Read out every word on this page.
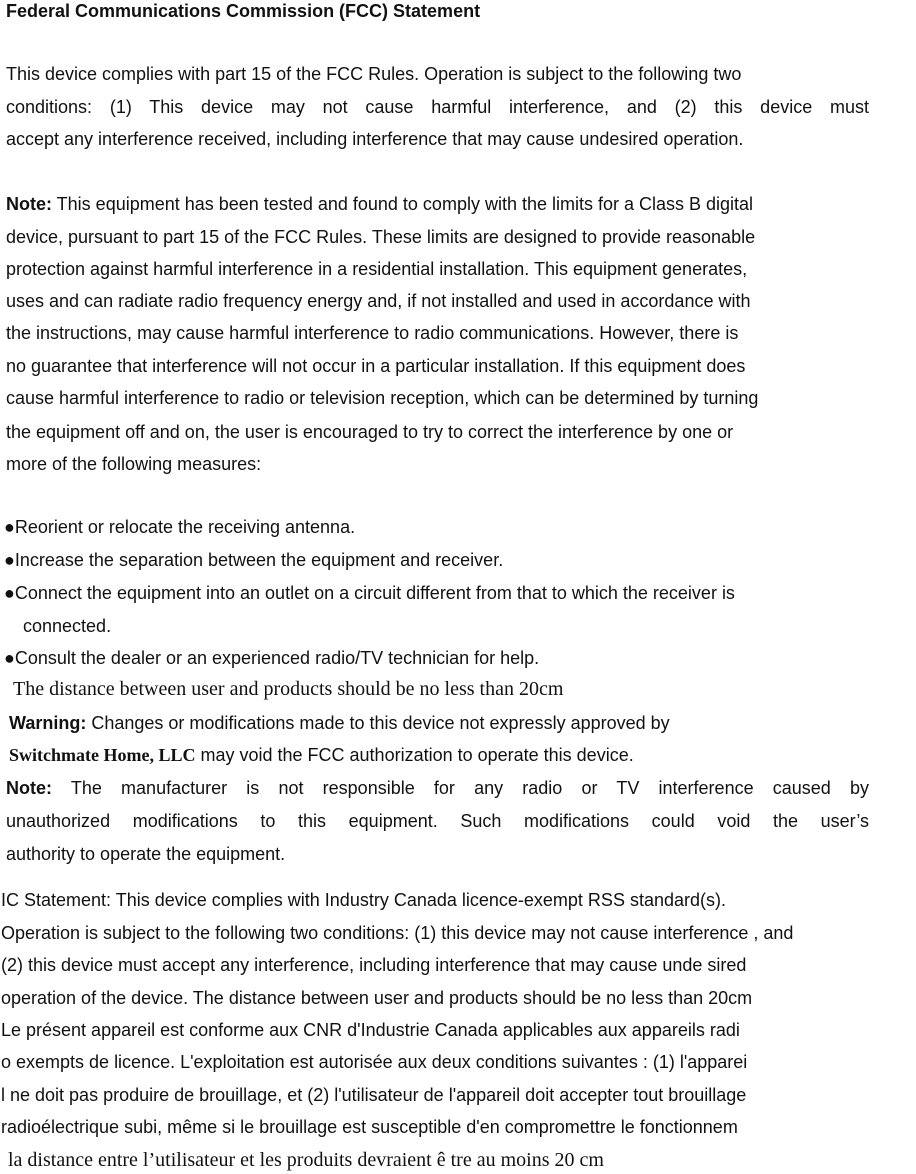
Federal Communications Commission (FCC) Statement
This device complies with part 15 of the FCC Rules. Operation is subject to the following two
conditions: (1) This device may not cause harmful interference, and (2) this device must
accept any interference received, including interference that may cause undesired operation.
Note: This equipment has been tested and found to comply with the limits for a Class B digital
device, pursuant to part 15 of the FCC Rules. These limits are designed to provide reasonable
protection against harmful interference in a residential installation. This equipment generates,
uses and can radiate radio frequency energy and, if not installed and used in accordance with
the instructions, may cause harmful interference to radio communications. However, there is
no guarantee that interference will not occur in a particular installation. If this equipment does
cause harmful interference to radio or television reception, which can be determined by turning
the equipment off and on, the user is encouraged to try to correct the interference by one or
more of the following measures:
●Reorient or relocate the receiving antenna.
●Increase the separation between the equipment and receiver.
●Connect the equipment into an outlet on a circuit different from that to which the receiver is
connected.
●Consult the dealer or an experienced radio/TV technician for help.
The distance between user and products should be no less than 20cm
Warning: Changes or modifications made to this device not expressly approved by
Switchmate Home, LLC may void the FCC authorization to operate this device.
Note: The manufacturer is not responsible for any radio or TV interference caused by
unauthorized modifications to this equipment. Such modifications could void the user’s
authority to operate the equipment.
IC Statement: This device complies with Industry Canada licence-exempt RSS standard(s).
Operation is subject to the following two conditions: (1) this device may not cause interference , and
(2) this device must accept any interference, including interference that may cause unde sired
operation of the device. The distance between user and products should be no less than 20cm
Le présent appareil est conforme aux CNR d'Industrie Canada applicables aux appareils radi
o exempts de licence. L'exploitation est autorisée aux deux conditions suivantes : (1) l'apparei
l ne doit pas produire de brouillage, et (2) l'utilisateur de l'appareil doit accepter tout brouillage
radioélectrique subi, même si le brouillage est susceptible d'en compromettre le fonctionnem
la distance entre l’utilisateur et les produits devraient ê tre au moins 20 cm
